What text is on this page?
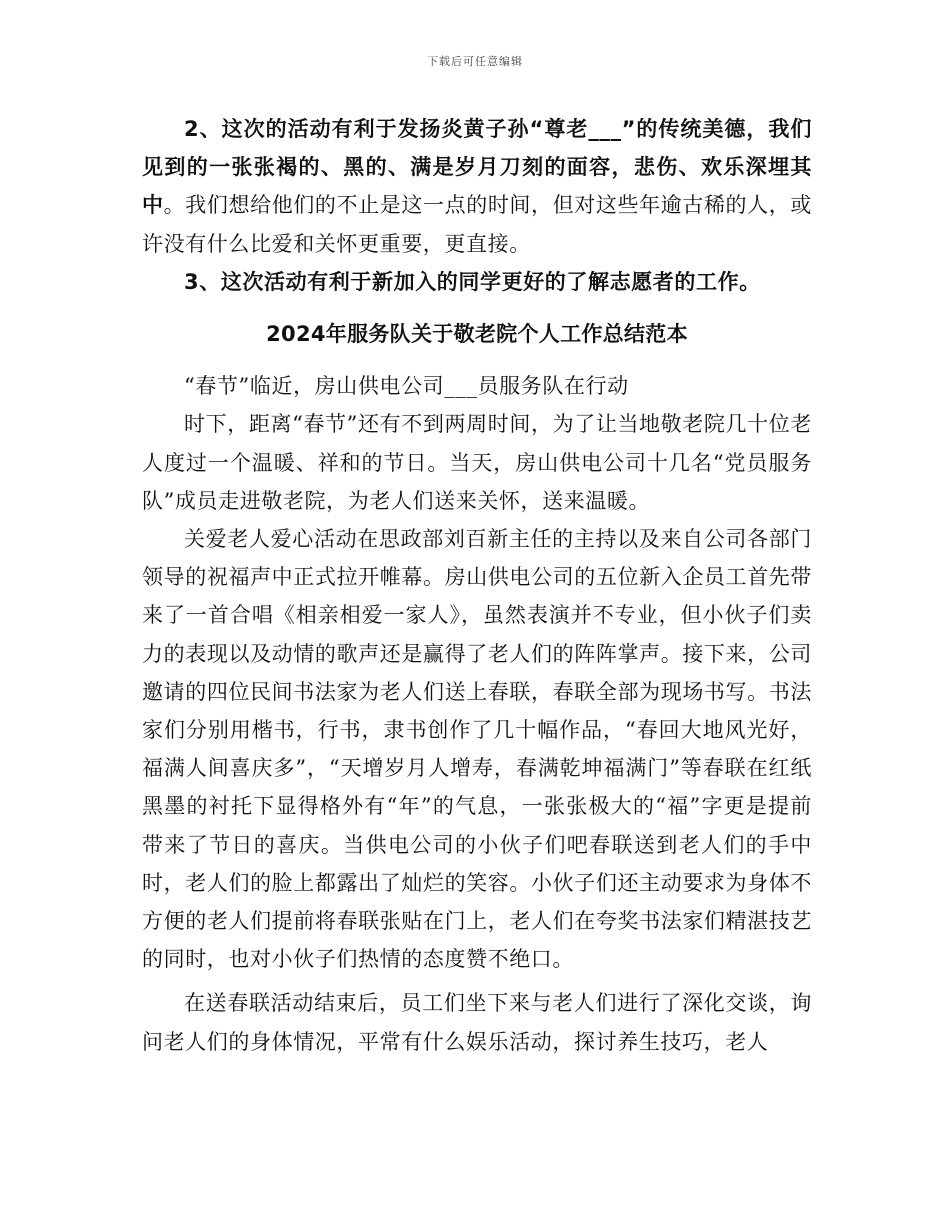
下载后可任意编辑

2、这次的活动有利于发扬炎黄子孙“尊老___”的传统美德，我们见到的一张张褐的、黑的、满是岁月刀刻的面容，悲伤、欢乐深埋其中。我们想给他们的不止是这一点的时间，但对这些年逾古稀的人，或许没有什么比爱和关怀更重要，更直接。

3、这次活动有利于新加入的同学更好的了解志愿者的工作。

2024年服务队关于敬老院个人工作总结范本

“春节”临近，房山供电公司___员服务队在行动

时下，距离“春节”还有不到两周时间，为了让当地敬老院几十位老人度过一个温暖、祥和的节日。当天，房山供电公司十几名“党员服务队”成员走进敬老院，为老人们送来关怀，送来温暖。

关爱老人爱心活动在思政部刘百新主任的主持以及来自公司各部门领导的祝福声中正式拉开帷幕。房山供电公司的五位新入企员工首先带来了一首合唱《相亲相爱一家人》，虽然表演并不专业，但小伙子们卖力的表现以及动情的歌声还是赢得了老人们的阵阵掌声。接下来，公司邀请的四位民间书法家为老人们送上春联，春联全部为现场书写。书法家们分别用楷书，行书，隶书创作了几十幅作品，“春回大地风光好，福满人间喜庆多”，“天增岁月人增寿，春满乾坤福满门”等春联在红纸黑墨的衬托下显得格外有“年”的气息，一张张极大的“福”字更是提前带来了节日的喜庆。当供电公司的小伙子们吧春联送到老人们的手中时，老人们的脸上都露出了灿烂的笑容。小伙子们还主动要求为身体不方便的老人们提前将春联张贴在门上，老人们在夸奖书法家们精湛技艺的同时，也对小伙子们热情的态度赞不绝口。

在送春联活动结束后，员工们坐下来与老人们进行了深化交谈，询问老人们的身体情况，平常有什么娱乐活动，探讨养生技巧，老人
